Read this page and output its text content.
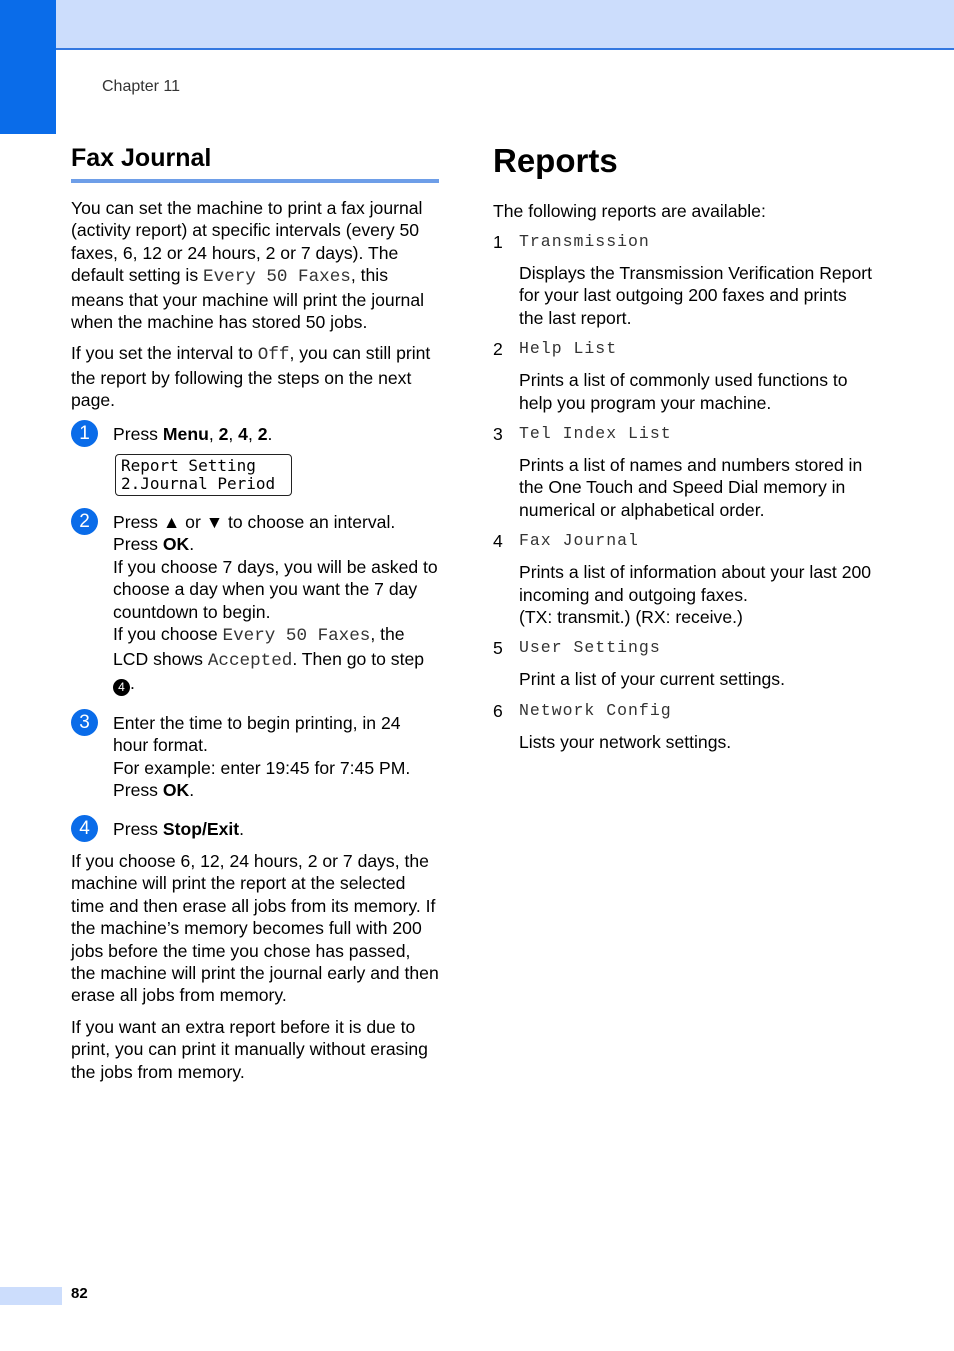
Chapter 11
Fax Journal

You can set the machine to print a fax journal (activity report) at specific intervals (every 50 faxes, 6, 12 or 24 hours, 2 or 7 days). The default setting is Every 50 Faxes, this means that your machine will print the journal when the machine has stored 50 jobs.

If you set the interval to Off, you can still print the report by following the steps on the next page.

1	Press Menu, 2, 4, 2.
Report Setting
2.Journal Period
2	Press ▲ or ▼ to choose an interval.
Press OK.
If you choose 7 days, you will be asked to choose a day when you want the 7 day countdown to begin.
If you choose Every 50 Faxes, the LCD shows Accepted. Then go to step 4 .
3	Enter the time to begin printing, in 24 hour format.
For example: enter 19:45 for 7:45 PM.
Press OK.
4	Press Stop/Exit.

If you choose 6, 12, 24 hours, 2 or 7 days, the machine will print the report at the selected time and then erase all jobs from its memory. If the machine’s memory becomes full with 200 jobs before the time you chose has passed, the machine will print the journal early and then erase all jobs from memory.

If you want an extra report before it is due to print, you can print it manually without erasing the jobs from memory.

Reports
The following reports are available:
1 Transmission
Displays the Transmission Verification Report for your last outgoing 200 faxes and prints the last report.
2 Help List
Prints a list of commonly used functions to help you program your machine.
3 Tel Index List
Prints a list of names and numbers stored in the One Touch and Speed Dial memory in numerical or alphabetical order.
4 Fax Journal
Prints a list of information about your last 200 incoming and outgoing faxes.
(TX: transmit.) (RX: receive.)
5 User Settings
Print a list of your current settings.
6 Network Config
Lists your network settings.
82
